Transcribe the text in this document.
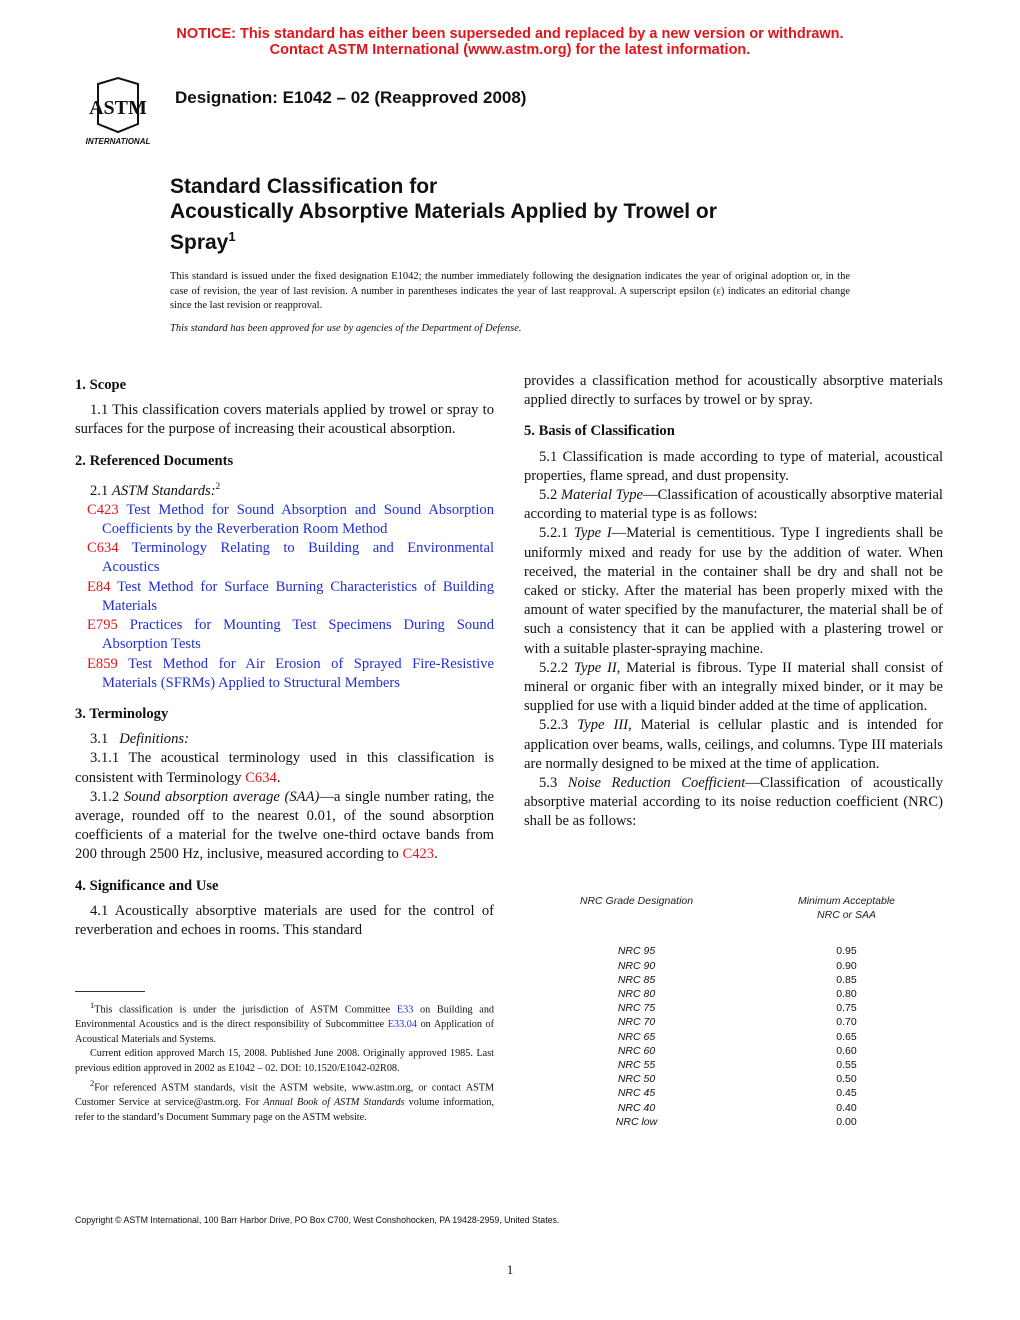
NOTICE: This standard has either been superseded and replaced by a new version or withdrawn.
Contact ASTM International (www.astm.org) for the latest information.
ASTM
INTERNATIONAL
Designation: E1042 – 02 (Reapproved 2008)
Standard Classification for
Acoustically Absorptive Materials Applied by Trowel or
Spray$^1$

This standard is issued under the fixed designation E1042; the number immediately following the designation indicates the year of original adoption or, in the case of revision, the year of last revision. A number in parentheses indicates the year of last reapproval. A superscript epsilon (ε) indicates an editorial change since the last revision or reapproval.

This standard has been approved for use by agencies of the Department of Defense.

1. Scope

1.1 This classification covers materials applied by trowel or spray to surfaces for the purpose of increasing their acoustical absorption.

2. Referenced Documents

2.1 ASTM Standards:$^2$

C423 Test Method for Sound Absorption and Sound Absorption Coefficients by the Reverberation Room Method

C634 Terminology Relating to Building and Environmental Acoustics

E84 Test Method for Surface Burning Characteristics of Building Materials

E795 Practices for Mounting Test Specimens During Sound Absorption Tests

E859 Test Method for Air Erosion of Sprayed Fire-Resistive Materials (SFRMs) Applied to Structural Members

3. Terminology

3.1 Definitions:

3.1.1 The acoustical terminology used in this classification is consistent with Terminology C634.

3.1.2 Sound absorption average (SAA)—a single number rating, the average, rounded off to the nearest 0.01, of the sound absorption coefficients of a material for the twelve one-third octave bands from 200 through 2500 Hz, inclusive, measured according to C423.

4. Significance and Use

4.1 Acoustically absorptive materials are used for the control of reverberation and echoes in rooms. This standard

$^1$This classification is under the jurisdiction of ASTM Committee E33 on Building and Environmental Acoustics and is the direct responsibility of Subcommittee E33.04 on Application of Acoustical Materials and Systems.

Current edition approved March 15, 2008. Published June 2008. Originally approved 1985. Last previous edition approved in 2002 as E1042 – 02. DOI: 10.1520/E1042-02R08.

$^2$For referenced ASTM standards, visit the ASTM website, www.astm.org, or contact ASTM Customer Service at service@astm.org. For Annual Book of ASTM Standards volume information, refer to the standard’s Document Summary page on the ASTM website.

provides a classification method for acoustically absorptive materials applied directly to surfaces by trowel or by spray.

5. Basis of Classification

5.1 Classification is made according to type of material, acoustical properties, flame spread, and dust propensity.

5.2 Material Type—Classification of acoustically absorptive material according to material type is as follows:

5.2.1 Type I—Material is cementitious. Type I ingredients shall be uniformly mixed and ready for use by the addition of water. When received, the material in the container shall be dry and shall not be caked or sticky. After the material has been properly mixed with the amount of water specified by the manufacturer, the material shall be of such a consistency that it can be applied with a plastering trowel or with a suitable plaster-spraying machine.

5.2.2 Type II, Material is fibrous. Type II material shall consist of mineral or organic fiber with an integrally mixed binder, or it may be supplied for use with a liquid binder added at the time of application.

5.2.3 Type III, Material is cellular plastic and is intended for application over beams, walls, ceilings, and columns. Type III materials are normally designed to be mixed at the time of application.

5.3 Noise Reduction Coefficient—Classification of acoustically absorptive material according to its noise reduction coefficient (NRC) shall be as follows:

NRC Grade Designation	Minimum Acceptable
NRC or SAA
NRC 95	0.95
NRC 90	0.90
NRC 85	0.85
NRC 80	0.80
NRC 75	0.75
NRC 70	0.70
NRC 65	0.65
NRC 60	0.60
NRC 55	0.55
NRC 50	0.50
NRC 45	0.45
NRC 40	0.40
NRC low	0.00
Copyright © ASTM International, 100 Barr Harbor Drive, PO Box C700, West Conshohocken, PA 19428-2959, United States.
1
